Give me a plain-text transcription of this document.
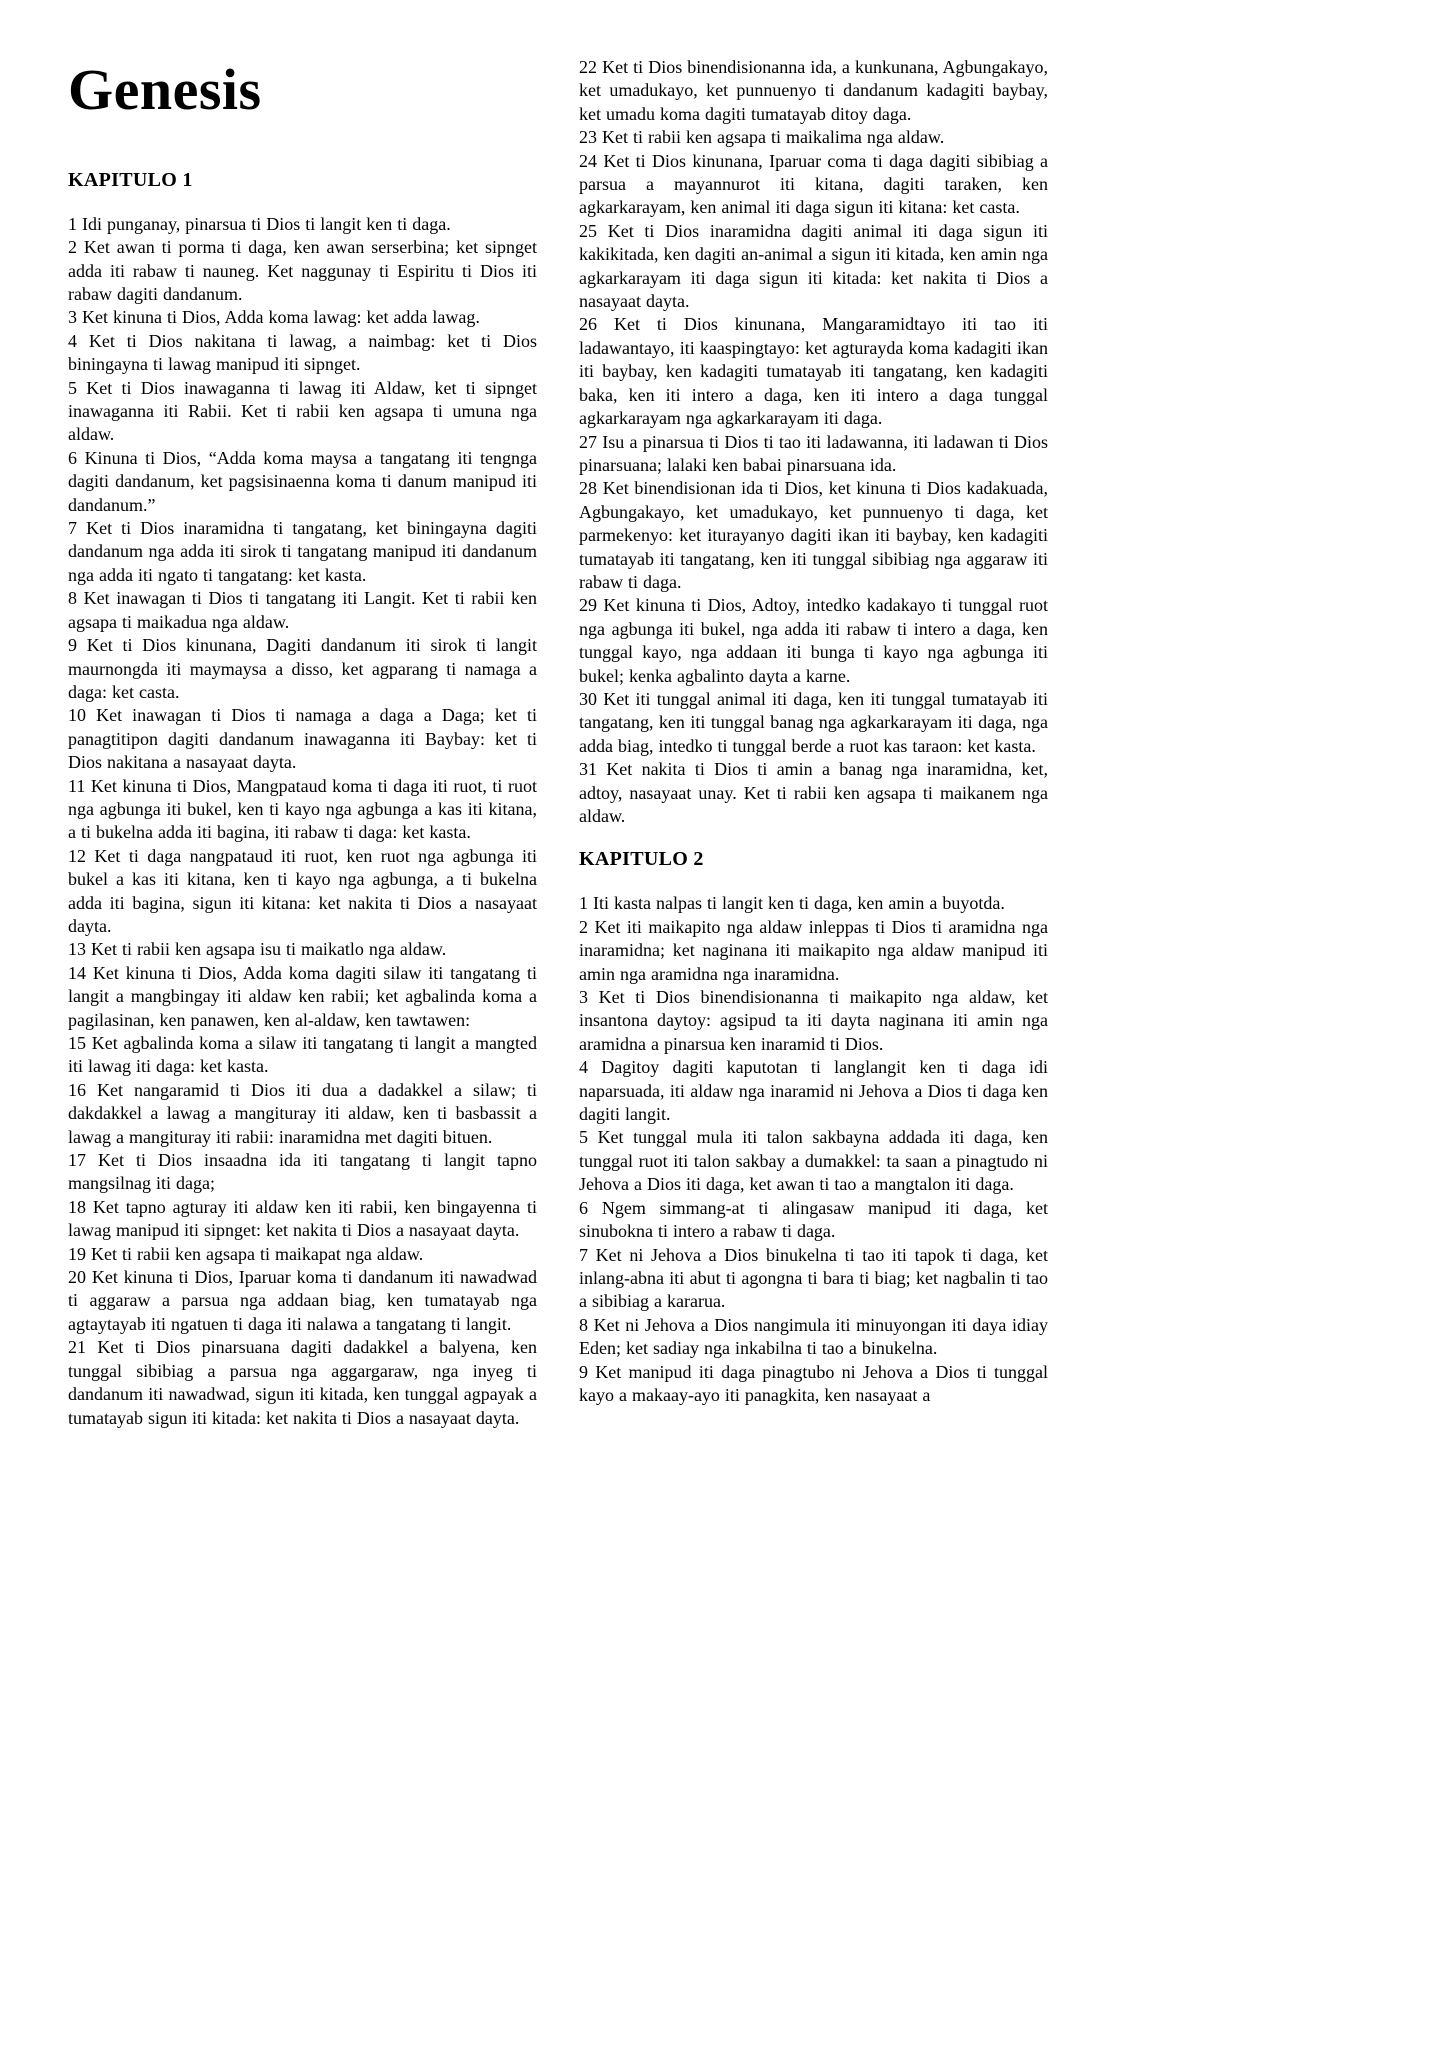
Genesis
KAPITULO 1

1 Idi punganay, pinarsua ti Dios ti langit ken ti daga.

2 Ket awan ti porma ti daga, ken awan serserbina; ket sipnget adda iti rabaw ti nauneg. Ket naggunay ti Espiritu ti Dios iti rabaw dagiti dandanum.

3 Ket kinuna ti Dios, Adda koma lawag: ket adda lawag.

4 Ket ti Dios nakitana ti lawag, a naimbag: ket ti Dios biningayna ti lawag manipud iti sipnget.

5 Ket ti Dios inawaganna ti lawag iti Aldaw, ket ti sipnget inawaganna iti Rabii. Ket ti rabii ken agsapa ti umuna nga aldaw.

6 Kinuna ti Dios, “Adda koma maysa a tangatang iti tengnga dagiti dandanum, ket pagsisinaenna koma ti danum manipud iti dandanum.”

7 Ket ti Dios inaramidna ti tangatang, ket biningayna dagiti dandanum nga adda iti sirok ti tangatang manipud iti dandanum nga adda iti ngato ti tangatang: ket kasta.

8 Ket inawagan ti Dios ti tangatang iti Langit. Ket ti rabii ken agsapa ti maikadua nga aldaw.

9 Ket ti Dios kinunana, Dagiti dandanum iti sirok ti langit maurnongda iti maymaysa a disso, ket agparang ti namaga a daga: ket casta.

10 Ket inawagan ti Dios ti namaga a daga a Daga; ket ti panagtitipon dagiti dandanum inawaganna iti Baybay: ket ti Dios nakitana a nasayaat dayta.

11 Ket kinuna ti Dios, Mangpataud koma ti daga iti ruot, ti ruot nga agbunga iti bukel, ken ti kayo nga agbunga a kas iti kitana, a ti bukelna adda iti bagina, iti rabaw ti daga: ket kasta.

12 Ket ti daga nangpataud iti ruot, ken ruot nga agbunga iti bukel a kas iti kitana, ken ti kayo nga agbunga, a ti bukelna adda iti bagina, sigun iti kitana: ket nakita ti Dios a nasayaat dayta.

13 Ket ti rabii ken agsapa isu ti maikatlo nga aldaw.

14 Ket kinuna ti Dios, Adda koma dagiti silaw iti tangatang ti langit a mangbingay iti aldaw ken rabii; ket agbalinda koma a pagilasinan, ken panawen, ken al-aldaw, ken tawtawen:

15 Ket agbalinda koma a silaw iti tangatang ti langit a mangted iti lawag iti daga: ket kasta.

16 Ket nangaramid ti Dios iti dua a dadakkel a silaw; ti dakdakkel a lawag a mangituray iti aldaw, ken ti basbassit a lawag a mangituray iti rabii: inaramidna met dagiti bituen.

17 Ket ti Dios insaadna ida iti tangatang ti langit tapno mangsilnag iti daga;

18 Ket tapno agturay iti aldaw ken iti rabii, ken bingayenna ti lawag manipud iti sipnget: ket nakita ti Dios a nasayaat dayta.

19 Ket ti rabii ken agsapa ti maikapat nga aldaw.

20 Ket kinuna ti Dios, Iparuar koma ti dandanum iti nawadwad ti aggaraw a parsua nga addaan biag, ken tumatayab nga agtaytayab iti ngatuen ti daga iti nalawa a tangatang ti langit.

21 Ket ti Dios pinarsuana dagiti dadakkel a balyena, ken tunggal sibibiag a parsua nga aggargaraw, nga inyeg ti dandanum iti nawadwad, sigun iti kitada, ken tunggal agpayak a tumatayab sigun iti kitada: ket nakita ti Dios a nasayaat dayta.

22 Ket ti Dios binendisionanna ida, a kunkunana, Agbungakayo, ket umadukayo, ket punnuenyo ti dandanum kadagiti baybay, ket umadu koma dagiti tumatayab ditoy daga.

23 Ket ti rabii ken agsapa ti maikalima nga aldaw.

24 Ket ti Dios kinunana, Iparuar coma ti daga dagiti sibibiag a parsua a mayannurot iti kitana, dagiti taraken, ken agkarkarayam, ken animal iti daga sigun iti kitana: ket casta.

25 Ket ti Dios inaramidna dagiti animal iti daga sigun iti kakikitada, ken dagiti an-animal a sigun iti kitada, ken amin nga agkarkarayam iti daga sigun iti kitada: ket nakita ti Dios a nasayaat dayta.

26 Ket ti Dios kinunana, Mangaramidtayo iti tao iti ladawantayo, iti kaaspingtayo: ket agturayda koma kadagiti ikan iti baybay, ken kadagiti tumatayab iti tangatang, ken kadagiti baka, ken iti intero a daga, ken iti intero a daga tunggal agkarkarayam nga agkarkarayam iti daga.

27 Isu a pinarsua ti Dios ti tao iti ladawanna, iti ladawan ti Dios pinarsuana; lalaki ken babai pinarsuana ida.

28 Ket binendisionan ida ti Dios, ket kinuna ti Dios kadakuada, Agbungakayo, ket umadukayo, ket punnuenyo ti daga, ket parmekenyo: ket iturayanyo dagiti ikan iti baybay, ken kadagiti tumatayab iti tangatang, ken iti tunggal sibibiag nga aggaraw iti rabaw ti daga.

29 Ket kinuna ti Dios, Adtoy, intedko kadakayo ti tunggal ruot nga agbunga iti bukel, nga adda iti rabaw ti intero a daga, ken tunggal kayo, nga addaan iti bunga ti kayo nga agbunga iti bukel; kenka agbalinto dayta a karne.

30 Ket iti tunggal animal iti daga, ken iti tunggal tumatayab iti tangatang, ken iti tunggal banag nga agkarkarayam iti daga, nga adda biag, intedko ti tunggal berde a ruot kas taraon: ket kasta.

31 Ket nakita ti Dios ti amin a banag nga inaramidna, ket, adtoy, nasayaat unay. Ket ti rabii ken agsapa ti maikanem nga aldaw.

KAPITULO 2

1 Iti kasta nalpas ti langit ken ti daga, ken amin a buyotda.

2 Ket iti maikapito nga aldaw inleppas ti Dios ti aramidna nga inaramidna; ket naginana iti maikapito nga aldaw manipud iti amin nga aramidna nga inaramidna.

3 Ket ti Dios binendisionanna ti maikapito nga aldaw, ket insantona daytoy: agsipud ta iti dayta naginana iti amin nga aramidna a pinarsua ken inaramid ti Dios.

4 Dagitoy dagiti kaputotan ti langlangit ken ti daga idi naparsuada, iti aldaw nga inaramid ni Jehova a Dios ti daga ken dagiti langit.

5 Ket tunggal mula iti talon sakbayna addada iti daga, ken tunggal ruot iti talon sakbay a dumakkel: ta saan a pinagtudo ni Jehova a Dios iti daga, ket awan ti tao a mangtalon iti daga.

6 Ngem simmang-at ti alingasaw manipud iti daga, ket sinubokna ti intero a rabaw ti daga.

7 Ket ni Jehova a Dios binukelna ti tao iti tapok ti daga, ket inlang-abna iti abut ti agongna ti bara ti biag; ket nagbalin ti tao a sibibiag a kararua.

8 Ket ni Jehova a Dios nangimula iti minuyongan iti daya idiay Eden; ket sadiay nga inkabilna ti tao a binukelna.

9 Ket manipud iti daga pinagtubo ni Jehova a Dios ti tunggal kayo a makaay-ayo iti panagkita, ken nasayaat a
